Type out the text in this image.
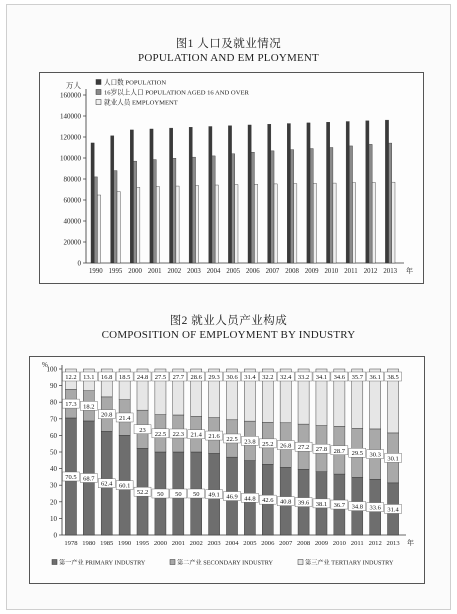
图1 人口及就业情况
POPULATION AND EM PLOYMENT
0
20000
40000
60000
80000
100000
120000
140000
160000
万人
1990 1995 2000 2001 2002 2003 2004 2005 2006 2007 2008 2009 2010 2011 2012 2013 年
人口数 POPULATION
16岁以上人口 POPULATION AGED 16 AND OVER
就业人员 EMPLOYMENT
图2 就业人员产业构成
COMPOSITION OF EMPLOYMENT BY INDUSTRY
0
10
20
30
40
50
60
70
80
90
100
%
70.5
17.3
12.2
1978
68.7
18.2
13.1
1980
62.4
20.8
16.8
1985
60.1
21.4
18.5
1990
52.2
23
24.8
1995
50
22.5
27.5
2000
50
22.3
27.7
2001
50
21.4
28.6
2002
49.1
21.6
29.3
2003
46.9
22.5
30.6
2004
44.8
23.8
31.4
2005
42.6
25.2
32.2
2006
40.8
26.8
32.4
2007
39.6
27.2
33.2
2008
38.1
27.8
34.1
2009
36.7
28.7
34.6
2010
34.8
29.5
35.7
2011
33.6
30.3
36.1
2012
31.4
30.1
38.5
2013 年
第一产业 PRIMARY INDUSTRY	第二产业 SECONDARY INDUSTRY	第三产业 TERTIARY INDUSTRY
